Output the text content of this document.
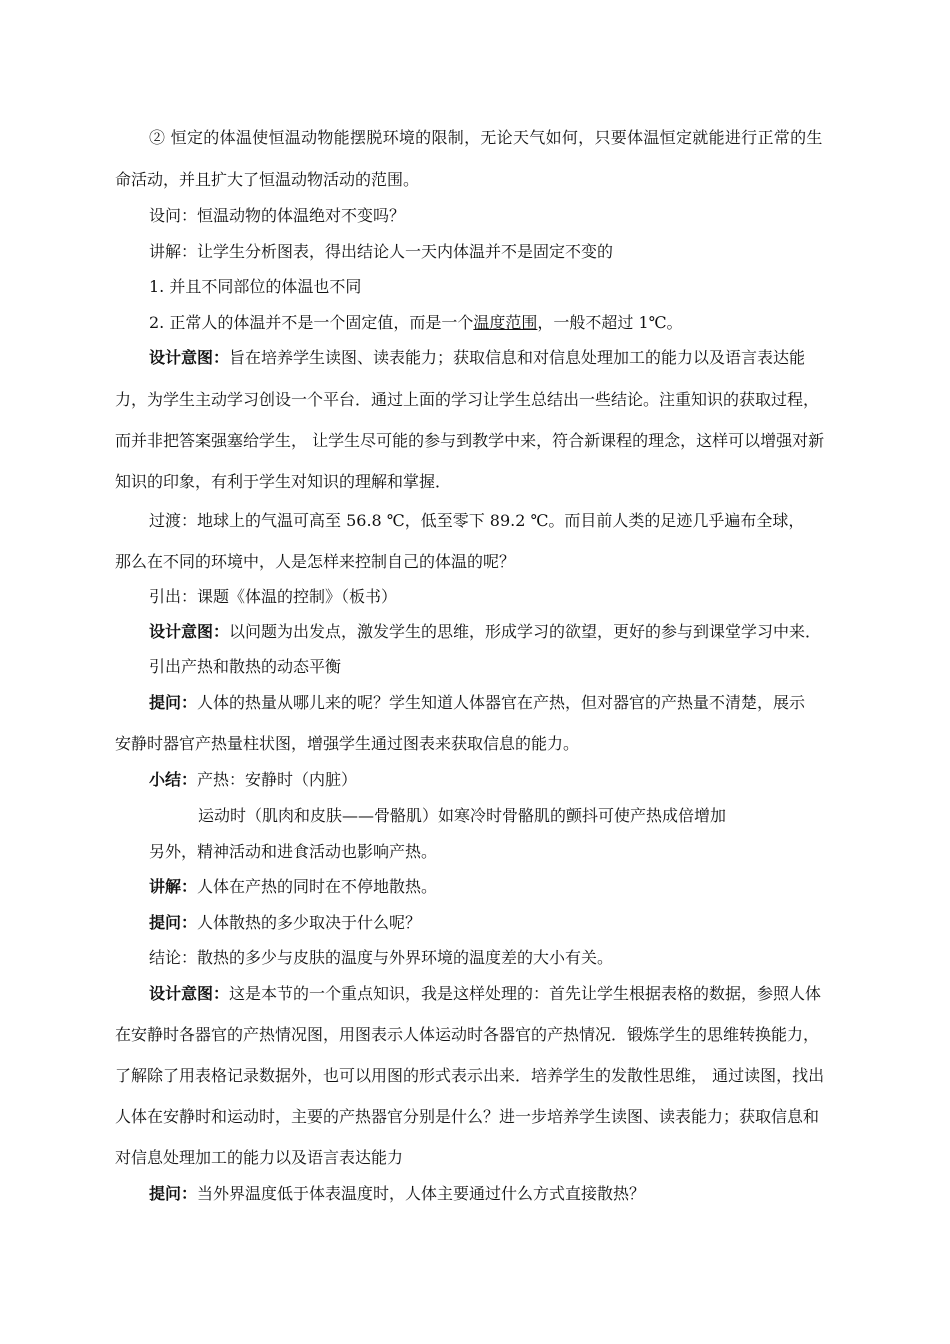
② 恒定的体温使恒温动物能摆脱环境的限制，无论天气如何，只要体温恒定就能进行正常的生
命活动，并且扩大了恒温动物活动的范围。
设问：恒温动物的体温绝对不变吗？
讲解：让学生分析图表，得出结论人一天内体温并不是固定不变的
1. 并且不同部位的体温也不同
2. 正常人的体温并不是一个固定值，而是一个温度范围，一般不超过 1℃。
设计意图：旨在培养学生读图、读表能力；获取信息和对信息处理加工的能力以及语言表达能
力，为学生主动学习创设一个平台．通过上面的学习让学生总结出一些结论。注重知识的获取过程，
而并非把答案强塞给学生， 让学生尽可能的参与到教学中来，符合新课程的理念，这样可以增强对新
知识的印象，有利于学生对知识的理解和掌握．
过渡：地球上的气温可高至 56.8 ℃，低至零下 89.2 ℃。而目前人类的足迹几乎遍布全球，
那么在不同的环境中，人是怎样来控制自己的体温的呢？
引出：课题《体温的控制》（板书）
设计意图：以问题为出发点，激发学生的思维，形成学习的欲望，更好的参与到课堂学习中来．
引出产热和散热的动态平衡
提问：人体的热量从哪儿来的呢？学生知道人体器官在产热，但对器官的产热量不清楚，展示
安静时器官产热量柱状图，增强学生通过图表来获取信息的能力。
小结：产热：安静时（内脏）
运动时（肌肉和皮肤——骨骼肌）如寒冷时骨骼肌的颤抖可使产热成倍增加
另外，精神活动和进食活动也影响产热。
讲解：人体在产热的同时在不停地散热。
提问：人体散热的多少取决于什么呢？
结论：散热的多少与皮肤的温度与外界环境的温度差的大小有关。
设计意图：这是本节的一个重点知识，我是这样处理的：首先让学生根据表格的数据，参照人体
在安静时各器官的产热情况图，用图表示人体运动时各器官的产热情况．锻炼学生的思维转换能力，
了解除了用表格记录数据外，也可以用图的形式表示出来．培养学生的发散性思维， 通过读图，找出
人体在安静时和运动时，主要的产热器官分别是什么？进一步培养学生读图、读表能力；获取信息和
对信息处理加工的能力以及语言表达能力
提问：当外界温度低于体表温度时，人体主要通过什么方式直接散热？
